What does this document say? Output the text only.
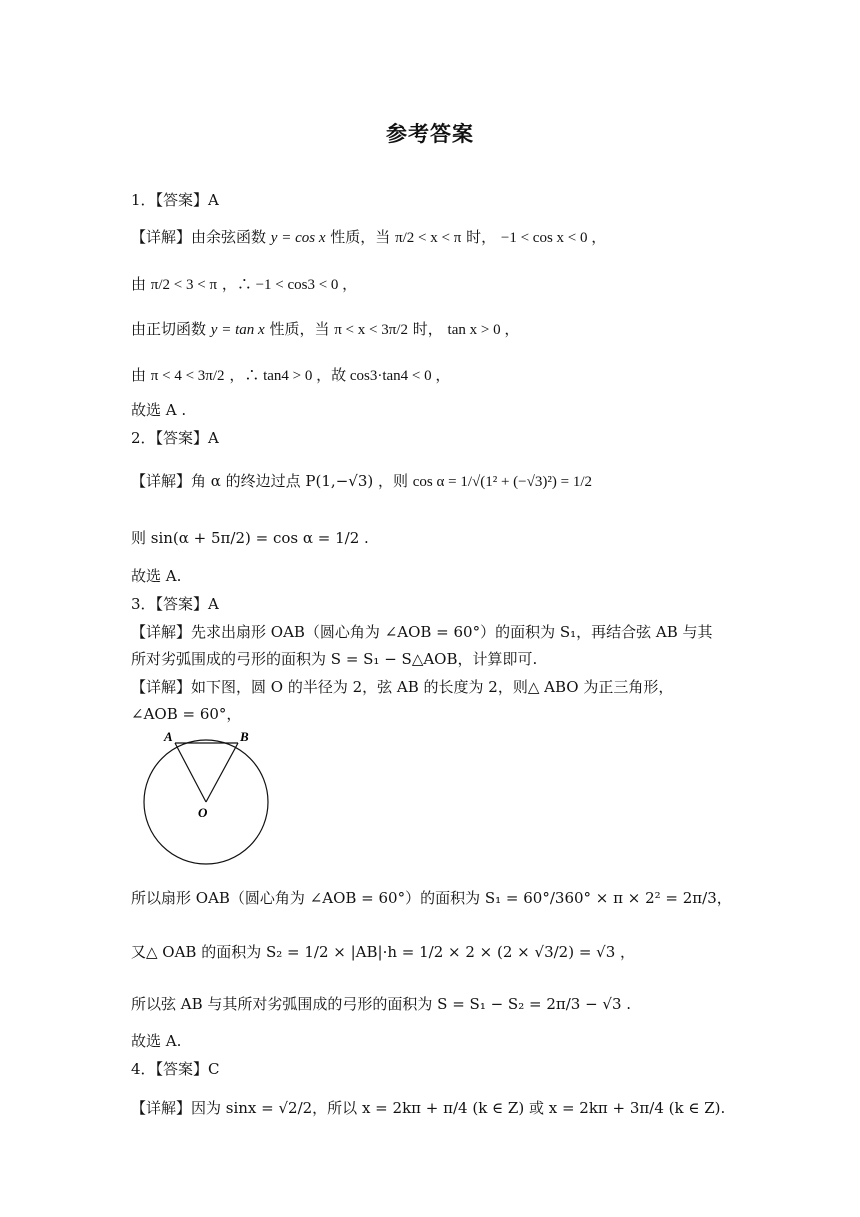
参考答案
1．【答案】A
【详解】由余弦函数 y = cos x 性质，当 π/2 < x < π 时， −1 < cos x < 0 ，
由 π/2 < 3 < π ，∴ −1 < cos3 < 0 ，
由正切函数 y = tan x 性质，当 π < x < 3π/2 时， tan x > 0 ，
由 π < 4 < 3π/2 ，∴ tan4 > 0 ，故 cos3·tan4 < 0 ，
故选 A .
2．【答案】A
【详解】角 α 的终边过点 P(1,−√3) ，则 cos α = 1/√(1² + (−√3)²) = 1/2
则 sin(α + 5π/2) = cos α = 1/2 .
故选 A.
3．【答案】A
【详解】先求出扇形 OAB（圆心角为 ∠AOB = 60°）的面积为 S₁，再结合弦 AB 与其
所对劣弧围成的弓形的面积为 S = S₁ − S△AOB，计算即可.
【详解】如下图，圆 O 的半径为 2，弦 AB 的长度为 2，则△ ABO 为正三角形，
∠AOB = 60°，
A	B
O
所以扇形 OAB（圆心角为 ∠AOB = 60°）的面积为 S₁ = 60°/360° × π × 2² = 2π/3，
又△ OAB 的面积为 S₂ = 1/2 × |AB|·h = 1/2 × 2 × (2 × √3/2) = √3 ，
所以弦 AB 与其所对劣弧围成的弓形的面积为 S = S₁ − S₂ = 2π/3 − √3 .
故选 A.
4．【答案】C
【详解】因为 sinx = √2/2，所以 x = 2kπ + π/4 (k ∈ Z) 或 x = 2kπ + 3π/4 (k ∈ Z).
